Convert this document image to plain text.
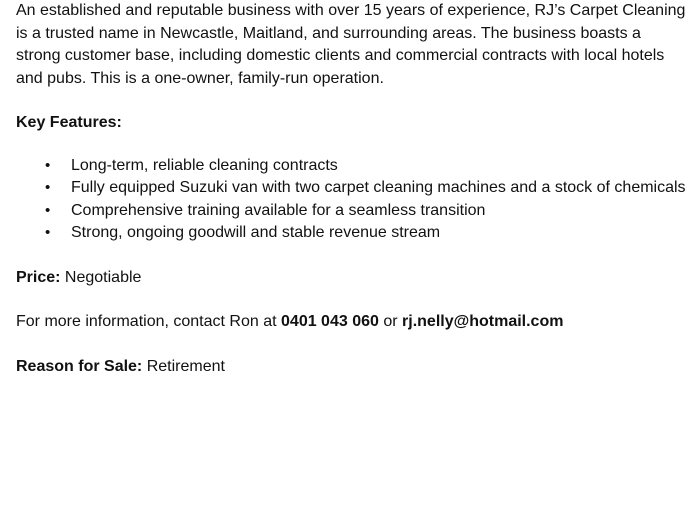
An established and reputable business with over 15 years of experience, RJ’s Carpet Cleaning is a trusted name in Newcastle, Maitland, and surrounding areas. The business boasts a strong customer base, including domestic clients and commercial contracts with local hotels and pubs. This is a one-owner, family-run operation.

Key Features:

• Long-term, reliable cleaning contracts
• Fully equipped Suzuki van with two carpet cleaning machines and a stock of chemicals
• Comprehensive training available for a seamless transition
• Strong, ongoing goodwill and stable revenue stream

Price: Negotiable

For more information, contact Ron at 0401 043 060 or rj.nelly@hotmail.com

Reason for Sale: Retirement
